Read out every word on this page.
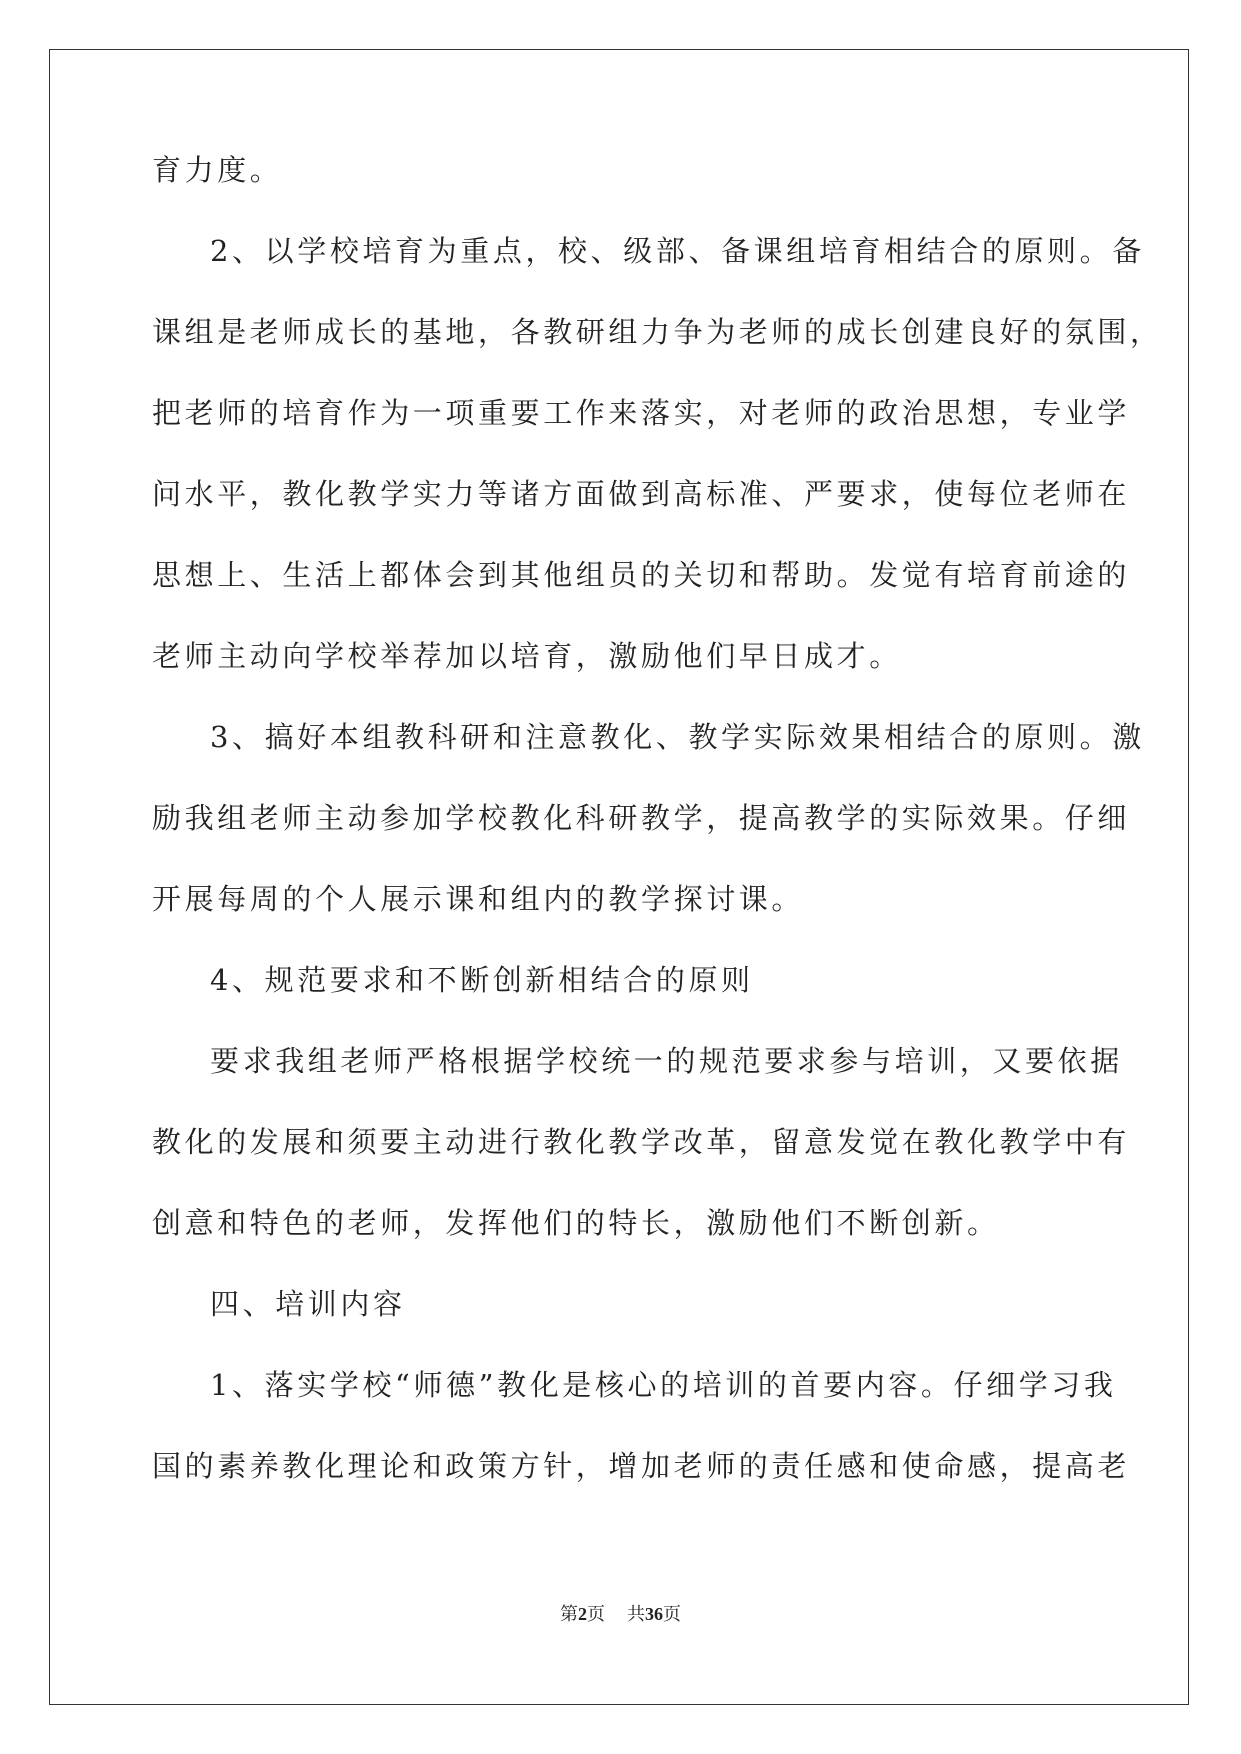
育力度。
2、以学校培育为重点，校、级部、备课组培育相结合的原则。备
课组是老师成长的基地，各教研组力争为老师的成长创建良好的氛围，
把老师的培育作为一项重要工作来落实，对老师的政治思想，专业学
问水平，教化教学实力等诸方面做到高标准、严要求，使每位老师在
思想上、生活上都体会到其他组员的关切和帮助。发觉有培育前途的
老师主动向学校举荐加以培育，激励他们早日成才。
3、搞好本组教科研和注意教化、教学实际效果相结合的原则。激
励我组老师主动参加学校教化科研教学，提高教学的实际效果。仔细
开展每周的个人展示课和组内的教学探讨课。
4、规范要求和不断创新相结合的原则
要求我组老师严格根据学校统一的规范要求参与培训，又要依据
教化的发展和须要主动进行教化教学改革，留意发觉在教化教学中有
创意和特色的老师，发挥他们的特长，激励他们不断创新。
四、培训内容
1、落实学校“师德”教化是核心的培训的首要内容。仔细学习我
国的素养教化理论和政策方针，增加老师的责任感和使命感，提高老
第2页 共36页
